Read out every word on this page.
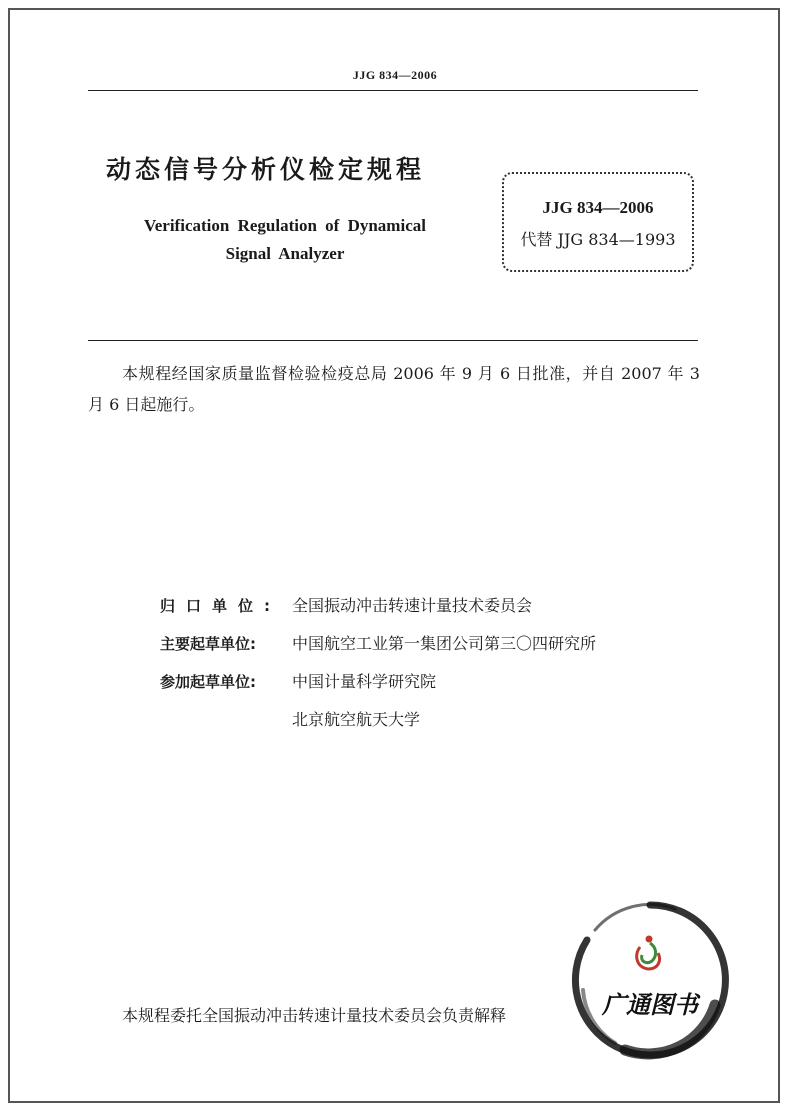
JJG 834—2006
动态信号分析仪检定规程
Verification Regulation of Dynamical
Signal Analyzer
JJG 834—2006
代替 JJG 834—1993
本规程经国家质量监督检验检疫总局 2006 年 9 月 6 日批准，并自 2007 年 3 月 6 日起施行。
归口单位: 全国振动冲击转速计量技术委员会
主要起草单位: 中国航空工业第一集团公司第三〇四研究所
参加起草单位: 中国计量科学研究院
北京航空航天大学
本规程委托全国振动冲击转速计量技术委员会负责解释	广通图书
